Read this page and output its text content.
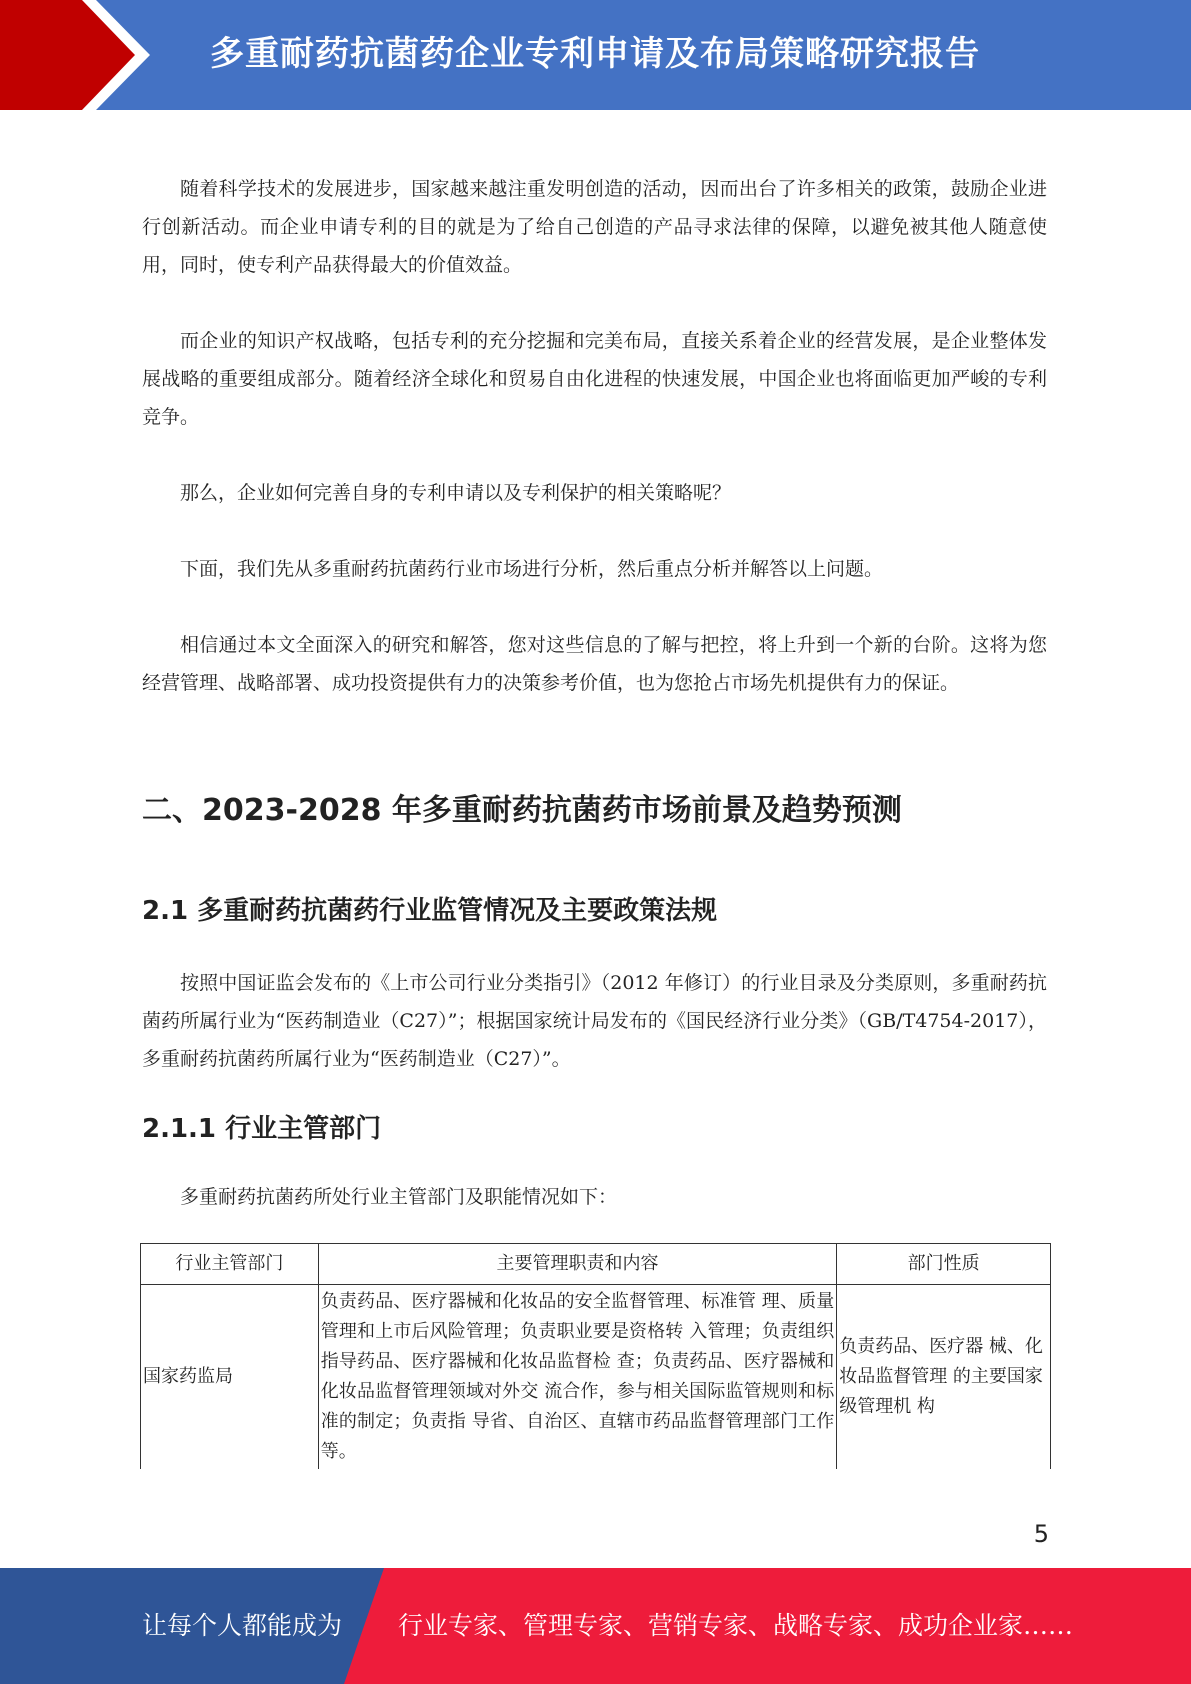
多重耐药抗菌药企业专利申请及布局策略研究报告

随着科学技术的发展进步，国家越来越注重发明创造的活动，因而出台了许多相关的政策，鼓励企业进行创新活动。而企业申请专利的目的就是为了给自己创造的产品寻求法律的保障，以避免被其他人随意使用，同时，使专利产品获得最大的价值效益。

而企业的知识产权战略，包括专利的充分挖掘和完美布局，直接关系着企业的经营发展，是企业整体发展战略的重要组成部分。随着经济全球化和贸易自由化进程的快速发展，中国企业也将面临更加严峻的专利竞争。

那么，企业如何完善自身的专利申请以及专利保护的相关策略呢？

下面，我们先从多重耐药抗菌药行业市场进行分析，然后重点分析并解答以上问题。

相信通过本文全面深入的研究和解答，您对这些信息的了解与把控，将上升到一个新的台阶。这将为您经营管理、战略部署、成功投资提供有力的决策参考价值，也为您抢占市场先机提供有力的保证。

二、2023-2028 年多重耐药抗菌药市场前景及趋势预测
2.1 多重耐药抗菌药行业监管情况及主要政策法规

按照中国证监会发布的《上市公司行业分类指引》（2012 年修订）的行业目录及分类原则，多重耐药抗菌药所属行业为“医药制造业（C27）”；根据国家统计局发布的《国民经济行业分类》（GB/T4754-2017），多重耐药抗菌药所属行业为“医药制造业（C27）”。

2.1.1 行业主管部门

多重耐药抗菌药所处行业主管部门及职能情况如下：

行业主管部门	主要管理职责和内容	部门性质
国家药监局	负责药品、医疗器械和化妆品的安全监督管理、标准管 理、质量管理和上市后风险管理；负责职业要是资格转 入管理；负责组织指导药品、医疗器械和化妆品监督检 查；负责药品、医疗器械和化妆品监督管理领域对外交 流合作，参与相关国际监管规则和标准的制定；负责指 导省、自治区、直辖市药品监督管理部门工作等。	负责药品、医疗器 械、化妆品监督管理 的主要国家级管理机 构
5
让每个人都能成为 行业专家、管理专家、营销专家、战略专家、成功企业家……
